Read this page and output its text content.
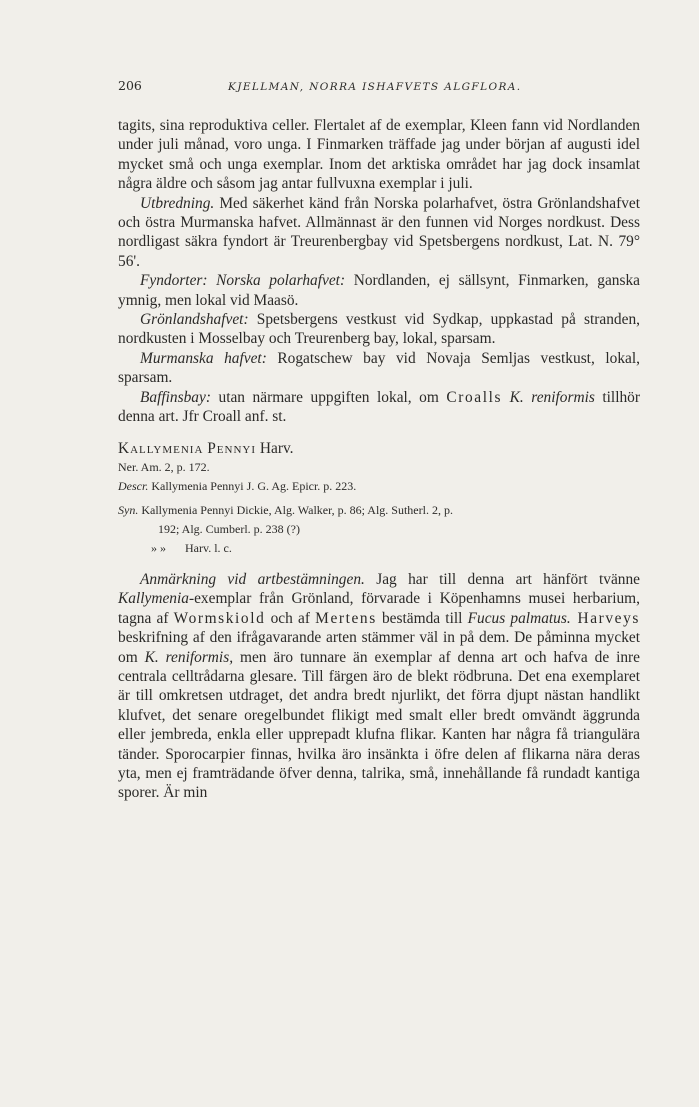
206	KJELLMAN, NORRA ISHAFVETS ALGFLORA.

tagits, sina reproduktiva celler. Flertalet af de exemplar, Kleen fann vid Nordlanden under juli månad, voro unga. I Finmarken träffade jag under början af augusti idel mycket små och unga exemplar. Inom det arktiska området har jag dock insamlat några äldre och såsom jag antar fullvuxna exemplar i juli.

Utbredning. Med säkerhet känd från Norska polarhafvet, östra Grönlandshafvet och östra Murmanska hafvet. Allmännast är den funnen vid Norges nordkust. Dess nordligast säkra fyndort är Treurenbergbay vid Spetsbergens nordkust, Lat. N. 79° 56'.

Fyndorter: Norska polarhafvet: Nordlanden, ej sällsynt, Finmarken, ganska ymnig, men lokal vid Maasö.

Grönlandshafvet: Spetsbergens vestkust vid Sydkap, uppkastad på stranden, nordkusten i Mosselbay och Treurenberg bay, lokal, sparsam.

Murmanska hafvet: Rogatschew bay vid Novaja Semljas vestkust, lokal, sparsam.

Baffinsbay: utan närmare uppgiften lokal, om Croalls K. reniformis tillhör denna art. Jfr Croall anf. st.

Kallymenia Pennyi Harv.

Ner. Am. 2, p. 172.

Descr. Kallymenia Pennyi J. G. Ag. Epicr. p. 223.

Syn. Kallymenia Pennyi Dickie, Alg. Walker, p. 86; Alg. Sutherl. 2, p.

192; Alg. Cumberl. p. 238 (?)

» » Harv. l. c.

Anmärkning vid artbestämningen. Jag har till denna art hänfört tvänne Kallymenia-exemplar från Grönland, förvarade i Köpenhamns musei herbarium, tagna af Wormskiold och af Mertens bestämda till Fucus palmatus. Harveys beskrifning af den ifrågavarande arten stämmer väl in på dem. De påminna mycket om K. reniformis, men äro tunnare än exemplar af denna art och hafva de inre centrala celltrådarna glesare. Till färgen äro de blekt rödbruna. Det ena exemplaret är till omkretsen utdraget, det andra bredt njurlikt, det förra djupt nästan handlikt klufvet, det senare oregelbundet flikigt med smalt eller bredt omvändt äggrunda eller jembreda, enkla eller upprepadt klufna flikar. Kanten har några få triangulära tänder. Sporocarpier finnas, hvilka äro insänkta i öfre delen af flikarna nära deras yta, men ej framträdande öfver denna, talrika, små, innehållande få rundadt kantiga sporer. Är min
